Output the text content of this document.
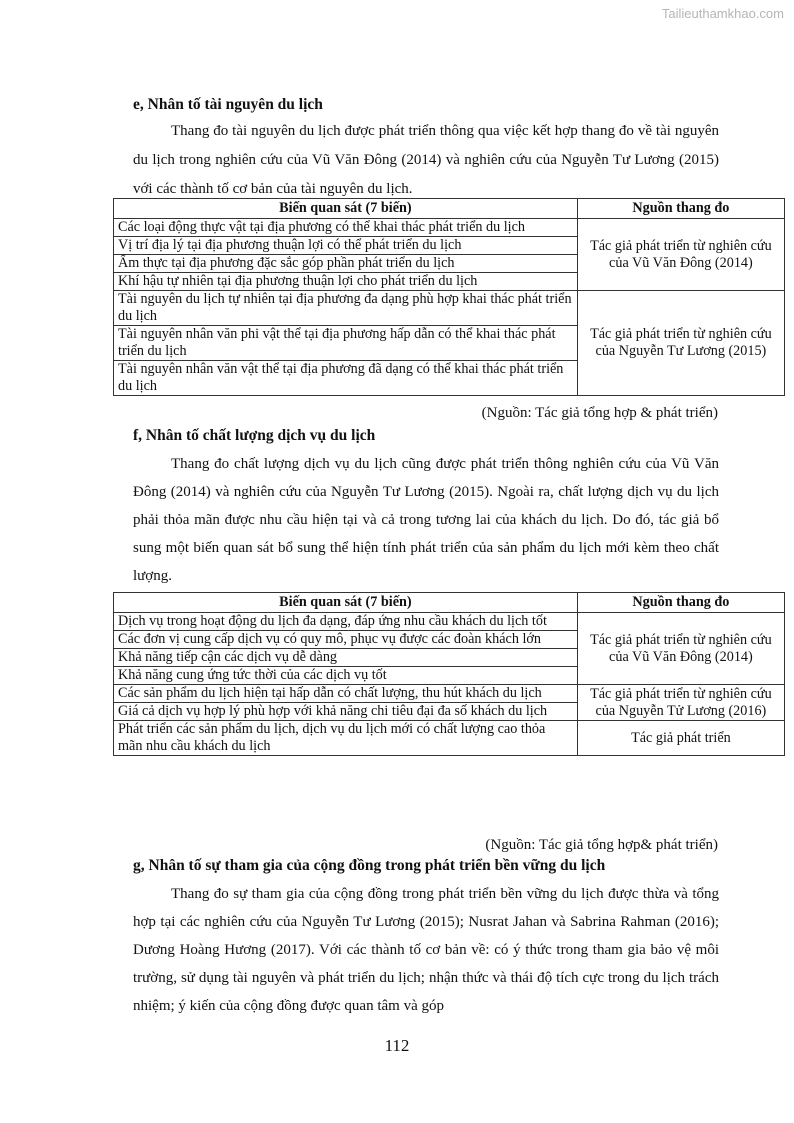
Tailieuthamkhao.com
e, Nhân tố tài nguyên du lịch
Thang đo tài nguyên du lịch được phát triển thông qua việc kết hợp thang đo về tài nguyên du lịch trong nghiên cứu của Vũ Văn Đông (2014) và nghiên cứu của Nguyễn Tư Lương (2015) với các thành tố cơ bản của tài nguyên du lịch.
Biến quan sát (7 biến)	Nguồn thang đo
Các loại động thực vật tại địa phương có thể khai thác phát triển du lịch	Tác giả phát triển từ nghiên cứu của Vũ Văn Đông (2014)
Vị trí địa lý tại địa phương thuận lợi có thể phát triển du lịch	
Ẩm thực tại địa phương đặc sắc góp phần phát triển du lịch	
Khí hậu tự nhiên tại địa phương thuận lợi cho phát triển du lịch	
Tài nguyên du lịch tự nhiên tại địa phương đa dạng phù hợp khai thác phát triển du lịch	Tác giả phát triển từ nghiên cứu của Nguyễn Tư Lương (2015)
Tài nguyên nhân văn phi vật thể tại địa phương hấp dẫn có thể khai thác phát triển du lịch	
Tài nguyên nhân văn vật thể tại địa phương đã dạng có thể khai thác phát triển du lịch	
(Nguồn: Tác giả tổng hợp & phát triển)
f, Nhân tố chất lượng dịch vụ du lịch
Thang đo chất lượng dịch vụ du lịch cũng được phát triển thông nghiên cứu của Vũ Văn Đông (2014) và nghiên cứu của Nguyễn Tư Lương (2015). Ngoài ra, chất lượng dịch vụ du lịch phải thỏa mãn được nhu cầu hiện tại và cả trong tương lai của khách du lịch. Do đó, tác giả bổ sung một biến quan sát bổ sung thể hiện tính phát triển của sản phẩm du lịch mới kèm theo chất lượng.
Biến quan sát (7 biến)	Nguồn thang đo
Dịch vụ trong hoạt động du lịch đa dạng, đáp ứng nhu cầu khách du lịch tốt	Tác giả phát triển từ nghiên cứu của Vũ Văn Đông (2014)
Các đơn vị cung cấp dịch vụ có quy mô, phục vụ được các đoàn khách lớn	
Khả năng tiếp cận các dịch vụ dễ dàng	
Khả năng cung ứng tức thời của các dịch vụ tốt	
Các sản phẩm du lịch hiện tại hấp dẫn có chất lượng, thu hút khách du lịch	Tác giả phát triển từ nghiên cứu của Nguyễn Tử Lương (2016)
Giá cả dịch vụ hợp lý phù hợp với khả năng chi tiêu đại đa số khách du lịch	
Phát triển các sản phẩm du lịch, dịch vụ du lịch mới có chất lượng cao thỏa mãn nhu cầu khách du lịch	Tác giả phát triển
(Nguồn: Tác giả tổng hợp& phát triển)
g, Nhân tố sự tham gia của cộng đồng trong phát triển bền vững du lịch
Thang đo sự tham gia của cộng đồng trong phát triển bền vững du lịch được thừa và tổng hợp tại các nghiên cứu của Nguyễn Tư Lương (2015); Nusrat Jahan và Sabrina Rahman (2016); Dương Hoàng Hương (2017). Với các thành tố cơ bản về: có ý thức trong tham gia bảo vệ môi trường, sử dụng tài nguyên và phát triển du lịch; nhận thức và thái độ tích cực trong du lịch trách nhiệm; ý kiến của cộng đồng được quan tâm và góp
112
